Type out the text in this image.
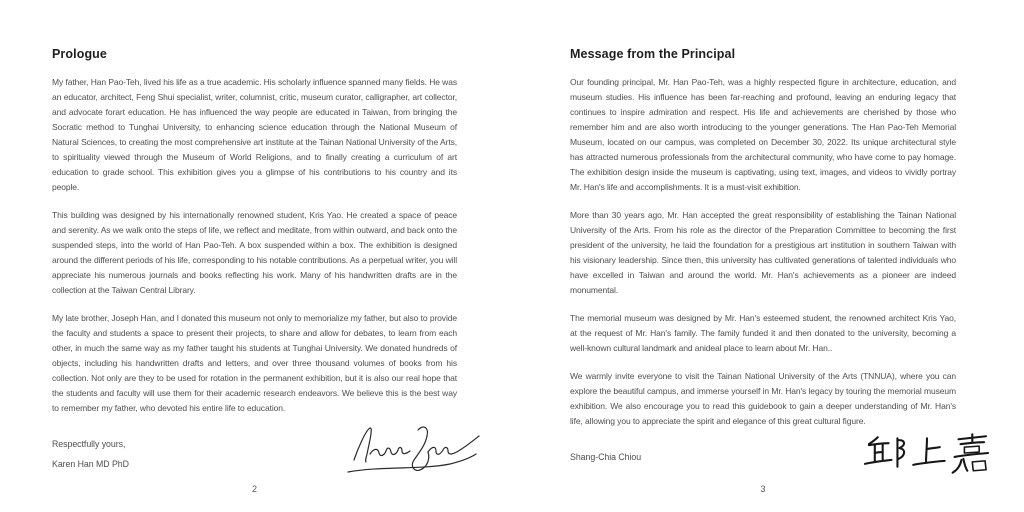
Prologue

My father, Han Pao-Teh, lived his life as a true academic. His scholarly influence spanned many fields. He was an educator, architect, Feng Shui specialist, writer, columnist, critic, museum curator, calligrapher, art collector, and advocate forart education. He has influenced the way people are educated in Taiwan, from bringing the Socratic method to Tunghai University, to enhancing science education through the National Museum of Natural Sciences, to creating the most comprehensive art institute at the Tainan National University of the Arts, to spirituality viewed through the Museum of World Religions, and to finally creating a curriculum of art education to grade school. This exhibition gives you a glimpse of his contributions to his country and its people.

This building was designed by his internationally renowned student, Kris Yao. He created a space of peace and serenity. As we walk onto the steps of life, we reflect and meditate, from within outward, and back onto the suspended steps, into the world of Han Pao-Teh. A box suspended within a box. The exhibition is designed around the different periods of his life, corresponding to his notable contributions. As a perpetual writer, you will appreciate his numerous journals and books reflecting his work. Many of his handwritten drafts are in the collection at the Taiwan Central Library.

My late brother, Joseph Han, and I donated this museum not only to memorialize my father, but also to provide the faculty and students a space to present their projects, to share and allow for debates, to learn from each other, in much the same way as my father taught his students at Tunghai University. We donated hundreds of objects, including his handwritten drafts and letters, and over three thousand volumes of books from his collection. Not only are they to be used for rotation in the permanent exhibition, but it is also our real hope that the students and faculty will use them for their academic research endeavors. We believe this is the best way to remember my father, who devoted his entire life to education.

Respectfully yours,
Karen Han MD PhD
2
Message from the Principal

Our founding principal, Mr. Han Pao-Teh, was a highly respected figure in architecture, education, and museum studies. His influence has been far-reaching and profound, leaving an enduring legacy that continues to inspire admiration and respect. His life and achievements are cherished by those who remember him and are also worth introducing to the younger generations. The Han Pao-Teh Memorial Museum, located on our campus, was completed on December 30, 2022. Its unique architectural style has attracted numerous professionals from the architectural community, who have come to pay homage. The exhibition design inside the museum is captivating, using text, images, and videos to vividly portray Mr. Han's life and accomplishments. It is a must-visit exhibition.

More than 30 years ago, Mr. Han accepted the great responsibility of establishing the Tainan National University of the Arts. From his role as the director of the Preparation Committee to becoming the first president of the university, he laid the foundation for a prestigious art institution in southern Taiwan with his visionary leadership. Since then, this university has cultivated generations of talented individuals who have excelled in Taiwan and around the world. Mr. Han's achievements as a pioneer are indeed monumental.

The memorial museum was designed by Mr. Han's esteemed student, the renowned architect Kris Yao, at the request of Mr. Han's family. The family funded it and then donated to the university, becoming a well-known cultural landmark and anideal place to learn about Mr. Han..

We warmly invite everyone to visit the Tainan National University of the Arts (TNNUA), where you can explore the beautiful campus, and immerse yourself in Mr. Han's legacy by touring the memorial museum exhibition. We also encourage you to read this guidebook to gain a deeper understanding of Mr. Han's life, allowing you to appreciate the spirit and elegance of this great cultural figure.

Shang-Chia Chiou
3
